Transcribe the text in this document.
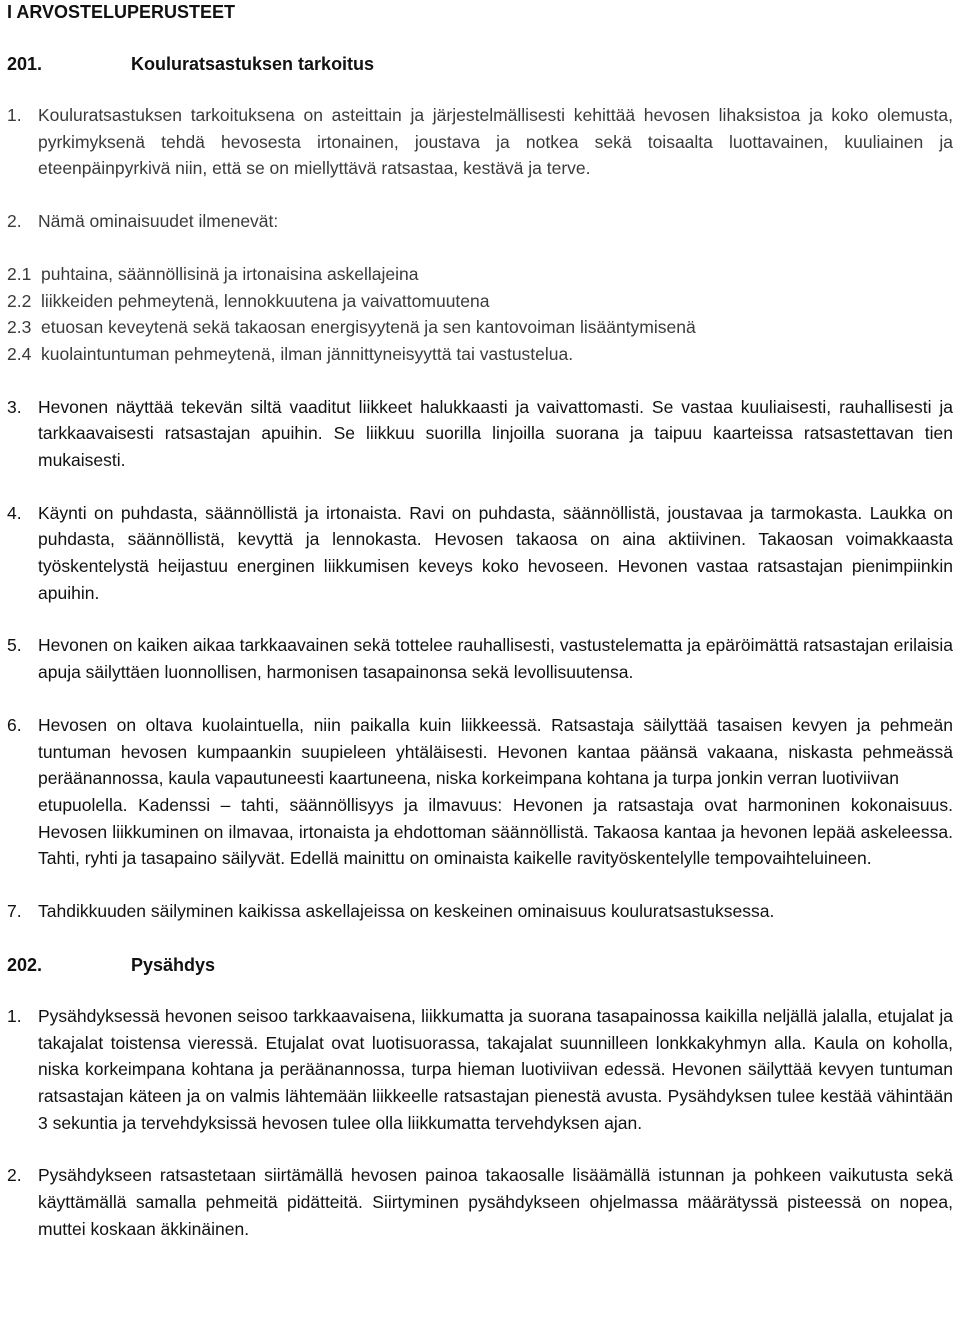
I ARVOSTELUPERUSTEET
201.	Kouluratsastuksen tarkoitus
1. Kouluratsastuksen tarkoituksena on asteittain ja järjestelmällisesti kehittää hevosen lihaksistoa ja koko olemusta, pyrkimyksenä tehdä hevosesta irtonainen, joustava ja notkea sekä toisaalta luottavainen, kuuliainen ja eteenpäinpyrkivä niin, että se on miellyttävä ratsastaa, kestävä ja terve.
2. Nämä ominaisuudet ilmenevät:
2.1 puhtaina, säännöllisinä ja irtonaisina askellajeina
2.2 liikkeiden pehmeytenä, lennokkuutena ja vaivattomuutena
2.3 etuosan keveytenä sekä takaosan energisyytenä ja sen kantovoiman lisääntymisenä
2.4 kuolaintuntuman pehmeytenä, ilman jännittyneisyyttä tai vastustelua.
3. Hevonen näyttää tekevän siltä vaaditut liikkeet halukkaasti ja vaivattomasti. Se vastaa kuuliaisesti, rauhallisesti ja tarkkaavaisesti ratsastajan apuihin. Se liikkuu suorilla linjoilla suorana ja taipuu kaarteissa ratsastettavan tien mukaisesti.
4. Käynti on puhdasta, säännöllistä ja irtonaista. Ravi on puhdasta, säännöllistä, joustavaa ja tarmokasta. Laukka on puhdasta, säännöllistä, kevyttä ja lennokasta. Hevosen takaosa on aina aktiivinen. Takaosan voimakkaasta työskentelystä heijastuu energinen liikkumisen keveys koko hevoseen. Hevonen vastaa ratsastajan pienimpiinkin apuihin.
5. Hevonen on kaiken aikaa tarkkaavainen sekä tottelee rauhallisesti, vastustelematta ja epäröimättä ratsastajan erilaisia apuja säilyttäen luonnollisen, harmonisen tasapainonsa sekä levollisuutensa.
6. Hevosen on oltava kuolaintuella, niin paikalla kuin liikkeessä. Ratsastaja säilyttää tasaisen kevyen ja pehmeän tuntuman hevosen kumpaankin suupieleen yhtäläisesti. Hevonen kantaa päänsä vakaana, niskasta pehmeässä peräänannossa, kaula vapautuneesti kaartuneena, niska korkeimpana kohtana ja turpa jonkin verran luotiviivan
etupuolella. Kadenssi – tahti, säännöllisyys ja ilmavuus: Hevonen ja ratsastaja ovat harmoninen kokonaisuus. Hevosen liikkuminen on ilmavaa, irtonaista ja ehdottoman säännöllistä. Takaosa kantaa ja hevonen lepää askeleessa. Tahti, ryhti ja tasapaino säilyvät. Edellä mainittu on ominaista kaikelle ravityöskentelylle tempovaihteluineen.
7. Tahdikkuuden säilyminen kaikissa askellajeissa on keskeinen ominaisuus kouluratsastuksessa.
202.	Pysähdys
1. Pysähdyksessä hevonen seisoo tarkkaavaisena, liikkumatta ja suorana tasapainossa kaikilla neljällä jalalla, etujalat ja takajalat toistensa vieressä. Etujalat ovat luotisuorassa, takajalat suunnilleen lonkkakyhmyn alla. Kaula on koholla, niska korkeimpana kohtana ja peräänannossa, turpa hieman luotiviivan edessä. Hevonen säilyttää kevyen tuntuman ratsastajan käteen ja on valmis lähtemään liikkeelle ratsastajan pienestä avusta. Pysähdyksen tulee kestää vähintään 3 sekuntia ja tervehdyksissä hevosen tulee olla liikkumatta tervehdyksen ajan.
2. Pysähdykseen ratsastetaan siirtämällä hevosen painoa takaosalle lisäämällä istunnan ja pohkeen vaikutusta sekä käyttämällä samalla pehmeitä pidätteitä. Siirtyminen pysähdykseen ohjelmassa määrätyssä pisteessä on nopea, muttei koskaan äkkinäinen.
